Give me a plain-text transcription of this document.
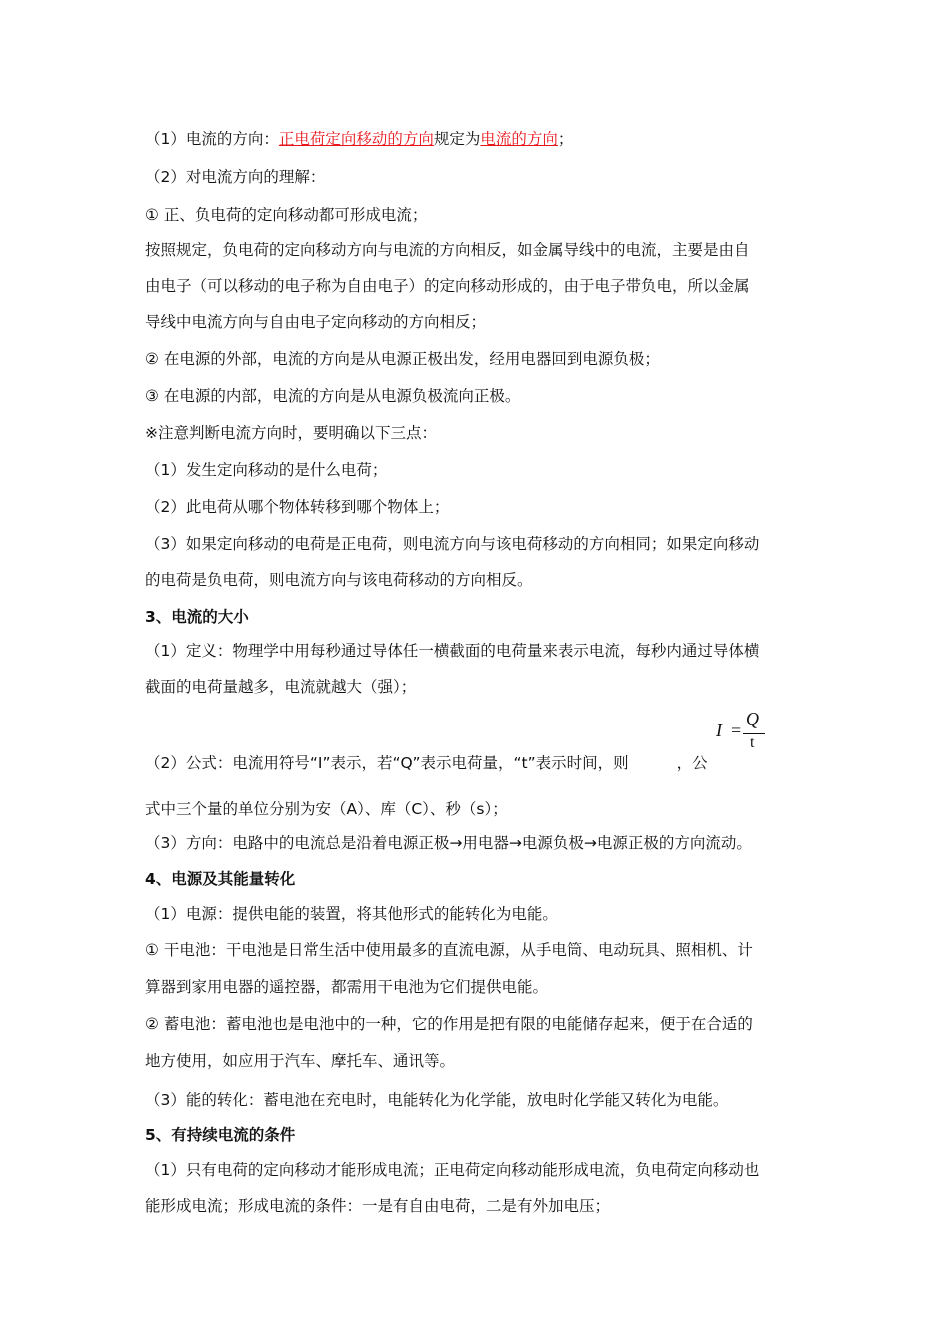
（1）电流的方向：正电荷定向移动的方向规定为电流的方向；
（2）对电流方向的理解：
① 正、负电荷的定向移动都可形成电流；
按照规定，负电荷的定向移动方向与电流的方向相反，如金属导线中的电流，主要是由自
由电子（可以移动的电子称为自由电子）的定向移动形成的，由于电子带负电，所以金属
导线中电流方向与自由电子定向移动的方向相反；
② 在电源的外部，电流的方向是从电源正极出发，经用电器回到电源负极；
③ 在电源的内部，电流的方向是从电源负极流向正极。
※注意判断电流方向时，要明确以下三点：
（1）发生定向移动的是什么电荷；
（2）此电荷从哪个物体转移到哪个物体上；
（3）如果定向移动的电荷是正电荷，则电流方向与该电荷移动的方向相同；如果定向移动
的电荷是负电荷，则电流方向与该电荷移动的方向相反。
3、电流的大小
（1）定义：物理学中用每秒通过导体任一横截面的电荷量来表示电流，每秒内通过导体横
截面的电荷量越多，电流就越大（强）；
（2）公式：电流用符号“I”表示，若“Q”表示电荷量，“t”表示时间，则	，公
式中三个量的单位分别为安（A）、库（C）、秒（s）；
（3）方向：电路中的电流总是沿着电源正极→用电器→电源负极→电源正极的方向流动。
4、电源及其能量转化
（1）电源：提供电能的装置，将其他形式的能转化为电能。
① 干电池：干电池是日常生活中使用最多的直流电源，从手电筒、电动玩具、照相机、计
算器到家用电器的遥控器，都需用干电池为它们提供电能。
② 蓄电池：蓄电池也是电池中的一种，它的作用是把有限的电能储存起来，便于在合适的
地方使用，如应用于汽车、摩托车、通讯等。
（3）能的转化：蓄电池在充电时，电能转化为化学能，放电时化学能又转化为电能。
5、有持续电流的条件
（1）只有电荷的定向移动才能形成电流；正电荷定向移动能形成电流，负电荷定向移动也
能形成电流；形成电流的条件：一是有自由电荷，二是有外加电压；
I =
Q
t
